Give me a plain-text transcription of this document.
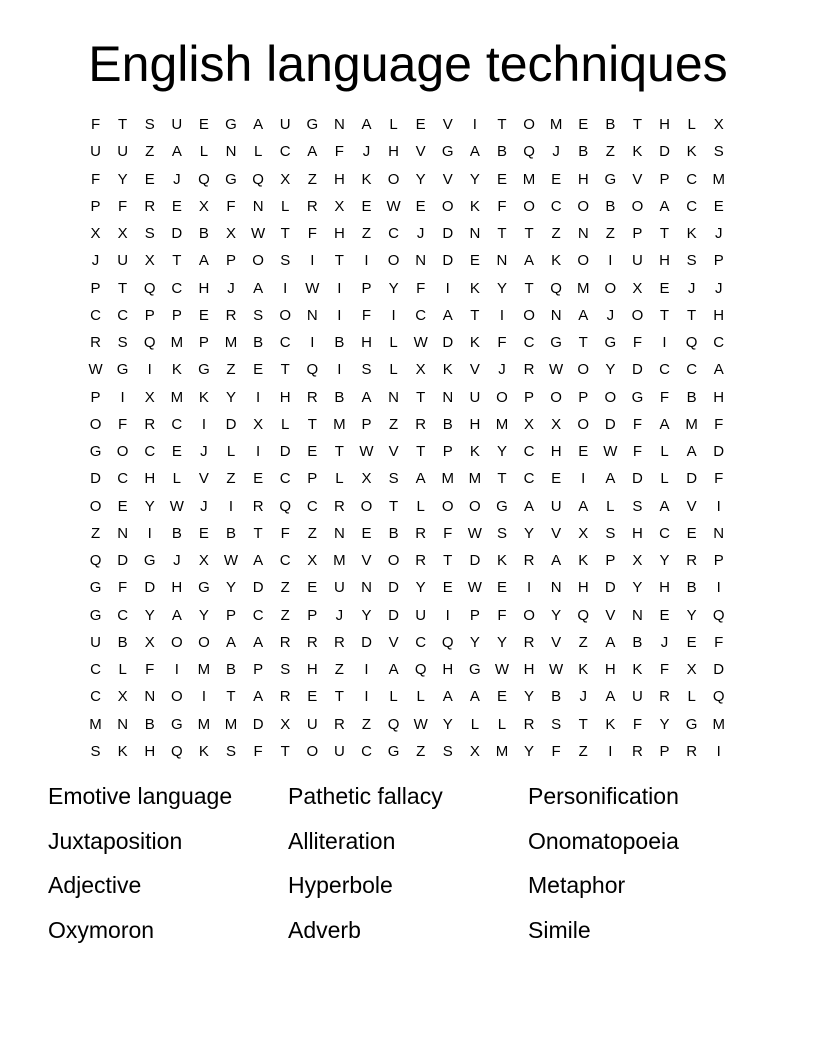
English language techniques
F	T	S	U	E	G	A	U	G	N	A	L	E	V	I	T	O	M	E	B	T	H	L	X
U	U	Z	A	L	N	L	C	A	F	J	H	V	G	A	B	Q	J	B	Z	K	D	K	S
F	Y	E	J	Q	G	Q	X	Z	H	K	O	Y	V	Y	E	M	E	H	G	V	P	C	M
P	F	R	E	X	F	N	L	R	X	E	W	E	O	K	F	O	C	O	B	O	A	C	E
X	X	S	D	B	X	W	T	F	H	Z	C	J	D	N	T	T	Z	N	Z	P	T	K	J
J	U	X	T	A	P	O	S	I	T	I	O	N	D	E	N	A	K	O	I	U	H	S	P
P	T	Q	C	H	J	A	I	W	I	P	Y	F	I	K	Y	T	Q	M	O	X	E	J	J
C	C	P	P	E	R	S	O	N	I	F	I	C	A	T	I	O	N	A	J	O	T	T	H
R	S	Q	M	P	M	B	C	I	B	H	L	W D	K	F	C	G	T	G	F	I	Q	C
W G	I	K	G	Z	E	T	Q	I	S	L	X	K	V	J	R W O	Y	D	C	C	A
P	I	X	M	K	Y	I	H	R	B	A	N	T	N	U	O	P	O	P	O	G	F	B	H
O	F	R	C	I	D	X	L	T	M	P	Z	R	B	H	M	X	X	O	D	F	A	M	F
G	O	C	E	J	L	I	D	E	T	W	V	T	P	K	Y	C	H	E	W	F	L	A	D
D	C	H	L	V	Z	E	C	P	L	X	S	A	M M	T	C	E	I	A	D	L	D	F
O	E	Y	W	J	I	R	Q	C	R	O	T	L	O	O	G	A	U	A	L	S	A	V	I
Z	N	I	B	E	B	T	F	Z	N	E	B	R	F	W	S	Y	V	X	S	H	C	E	N
Q	D	G	J	X	W	A	C	X	M	V	O	R	T	D	K	R	A	K	P	X	Y	R	P
G	F	D	H	G	Y	D	Z	E	U	N	D	Y	E	W	E	I	N	H	D	Y	H	B	I
G	C	Y	A	Y	P	C	Z	P	J	Y	D	U	I	P	F	O	Y	Q	V	N	E	Y	Q
U	B	X	O	O	A	A	R	R	R	D	V	C	Q	Y	Y	R	V	Z	A	B	J	E	F
C	L	F	I	M	B	P	S	H	Z	I	A	Q	H	G W H W	K	H	K	F	X	D
C	X	N	O	I	T	A	R	E	T	I	L	L	A	A	E	Y	B	J	A	U	R	L	Q
M	N	B	G	M M	D	X	U	R	Z	Q W	Y	L	L	R	S	T	K	F	Y	G	M
S	K	H	Q	K	S	F	T	O	U	C	G	Z	S	X	M	Y	F	Z	I	R	P	R	I
Emotive language	Pathetic fallacy	Personification
Juxtaposition	Alliteration	Onomatopoeia
Adjective	Hyperbole	Metaphor
Oxymoron	Adverb	Simile
